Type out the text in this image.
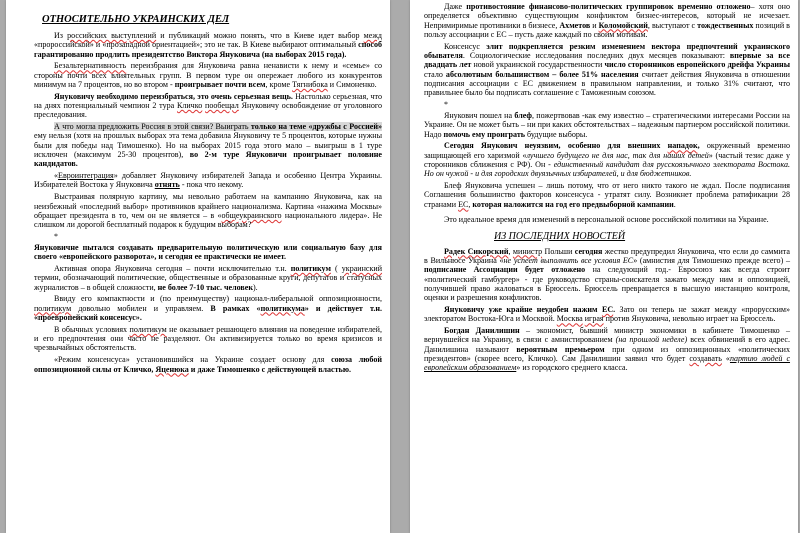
ОТНОСИТЕЛЬНО УКРАИНСКИХ ДЕЛ

Из российских выступлений и публикаций можно понять, что в Киеве идет выбор межд «пророссийской» и «прозападной ориентацией»; это не так. В Киеве выбирают оптимальный способ гарантированно продлить президентство Виктора Януковича (на выборах 2015 года).

Безальтернативность переизбрания для Януковича равна ненависти к нему и «семье» со стороны почти всех влиятельных групп. В первом туре он опережает любого из конкурентов минимум на 7 процентов, но во втором - проигрывает почти всем, кроме Тягнибока и Симоненко.

Януковичу необходимо переизбраться, это очень серьезная вещь. Настолько серьезная, что на днях потенциальный чемпион 2 тура Кличко пообещал Януковичу освобождение от уголовного преследования.

А что могла предложить Россия в этой связи? Выиграть только на теме «дружбы с Россией» ему нельзя (хотя на прошлых выборах эта тема добавила Януковичу те 5 процентов, которые нужны были для победы над Тимошенко). Но на выборах 2015 года этого мало – выигрыш в 1 туре исключен (максимум 25-30 процентов), во 2-м туре Януковичи проигрывает половине кандидатов.

«Евроинтеграция» добавляет Януковичу избирателей Запада и особенно Центра Украины. Избирателей Востока у Януковича отнять - пока что некому.

Выстраивая полярную картину, мы невольно работаем на кампанию Януковича, как на неизбежный «последний выбор» противников крайнего национализма. Картина «нажима Москвы» обращает президента в то, чем он не является – в «общеукраинского национального лидера». Не слишком ли дорогой бесплатный подарок к будущим выборам?

*

Януковичне пытался создавать предварительную политическую или социальную базу для своего «европейского разворота», и сегодня ее практически не имеет.

Активная опора Януковича сегодня – почти исключительно т.н. политикум ( украинский термин, обозначающий политические, общественные и образованные круги, депутатов и статусных журналистов – в общей сложности, не более 7-10 тыс. человек).

Ввиду его компактности и (по преимуществу) национал-либеральной оппозиционности, политикум довольно мобилен и управляем. В рамках «политикума» и действует т.н. «проевропейский консенсус».

В обычных условиях политикум не оказывает решающего влияния на поведение избирателей, и его предпочтения они часто не разделяют. Он активизируется только во время кризисов и чрезвычайных обстоятельств.

«Режим консенсуса» установившийся на Украине создает основу для союза любой оппозиционной силы от Кличко, Яценюка и даже Тимошенко с действующей властью.

Даже противостояние финансово-политических группировок временно отложено– хотя оно определяется объективно существующим конфликтом бизнес-интересов, который не исчезает. Непримиримые противники в бизнесе, Ахметов и Коломойский, выступают с тождественных позиций в пользу ассоциации с ЕС – пусть даже каждый по своим мотивам.

Консенсус элит подкрепляется резким изменением вектора предпочтений украинского обывателя. Социологические исследования последних двух месяцев показывают: впервые за все двадцать лет новой украинской государственности число сторонников европейского дрейфа Украины стало абсолютным большинством – более 51% населения считает действия Януковича в отношении подписания ассоциации с ЕС движением в правильном направлении, и только 31% считают, что правильнее было бы подписать соглашение с Таможенным союзом.

*

Янукович пошел на блеф, пожертвовав -как ему известно – стратегическими интересами России на Украине. Он не может быть – ни при каких обстоятельствах – надежным партнером российской политики. Надо помочь ему проиграть будущие выборы.

Сегодня Янукович неуязвим, особенно для внешних нападок, окруженный временно защищающей его харизмой «лучшего будущего не для нас, так для наших детей» (частый тезис даже у сторонников сближения с РФ). Он - единственный кандидат для русскоязычного электората Востока. Но он чужой - и для городских двуязычных избирателей, и для бюджетников.

Блеф Януковича успешен – лишь потому, что от него никто такого не ждал. После подписания Соглашения большинство факторов консенсуса - утратят силу. Возникнет проблема ратификации 28 странами ЕС, которая наложится на год его предвыборной кампании.

Это идеальное время для изменений в персональной основе российской политики на Украине.

ИЗ ПОСЛЕДНИХ НОВОСТЕЙ

Радек Сикорский, министр Польши сегодня жестко предупредил Януковича, что если до саммита в Вильнюсе Украина «не успеет выполнить все условия ЕС» (амнистия для Тимошенко прежде всего) – подписание Ассоциации будет отложено на следующий год.- Евросоюз как всегда строит «политический гамбургер» - где руководство страны-соискателя зажато между ним и оппозицией, получившей право жаловаться в Брюссель. Брюссель превращается в высшую инстанцию контроля, оценки и разрешения конфликтов.

Януковичу уже крайне неудобен нажим ЕС. Зато он теперь не зажат между «прорусским» электоратом Востока-Юга и Москвой. Москва играя против Януковича, невольно играет на Брюссель.

Богдан Данилишин – экономист, бывший министр экономики в кабинете Тимошенко – вернувшейся на Украину, в связи с амнистированием (на прошлой неделе) всех обвинений в его адрес. Данилишина называют вероятным премьером при одном из оппозиционных «политических президентов» (скорее всего, Кличко). Сам Данилишин заявил что будет создавать «партию людей с европейским образованием» из городского среднего класса.
